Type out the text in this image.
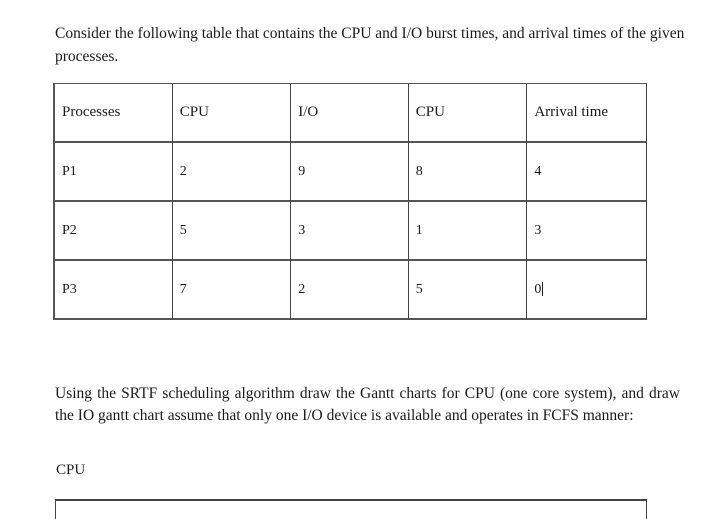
Consider the following table that contains the CPU and I/O burst times, and arrival times of the given processes.

Processes	CPU	I/O	CPU	Arrival time
P1	2	9	8	4
P2	5	3	1	3
P3	7	2	5	0

Using the SRTF scheduling algorithm draw the Gantt charts for CPU (one core system), and draw the IO gantt chart assume that only one I/O device is available and operates in FCFS manner:

CPU
